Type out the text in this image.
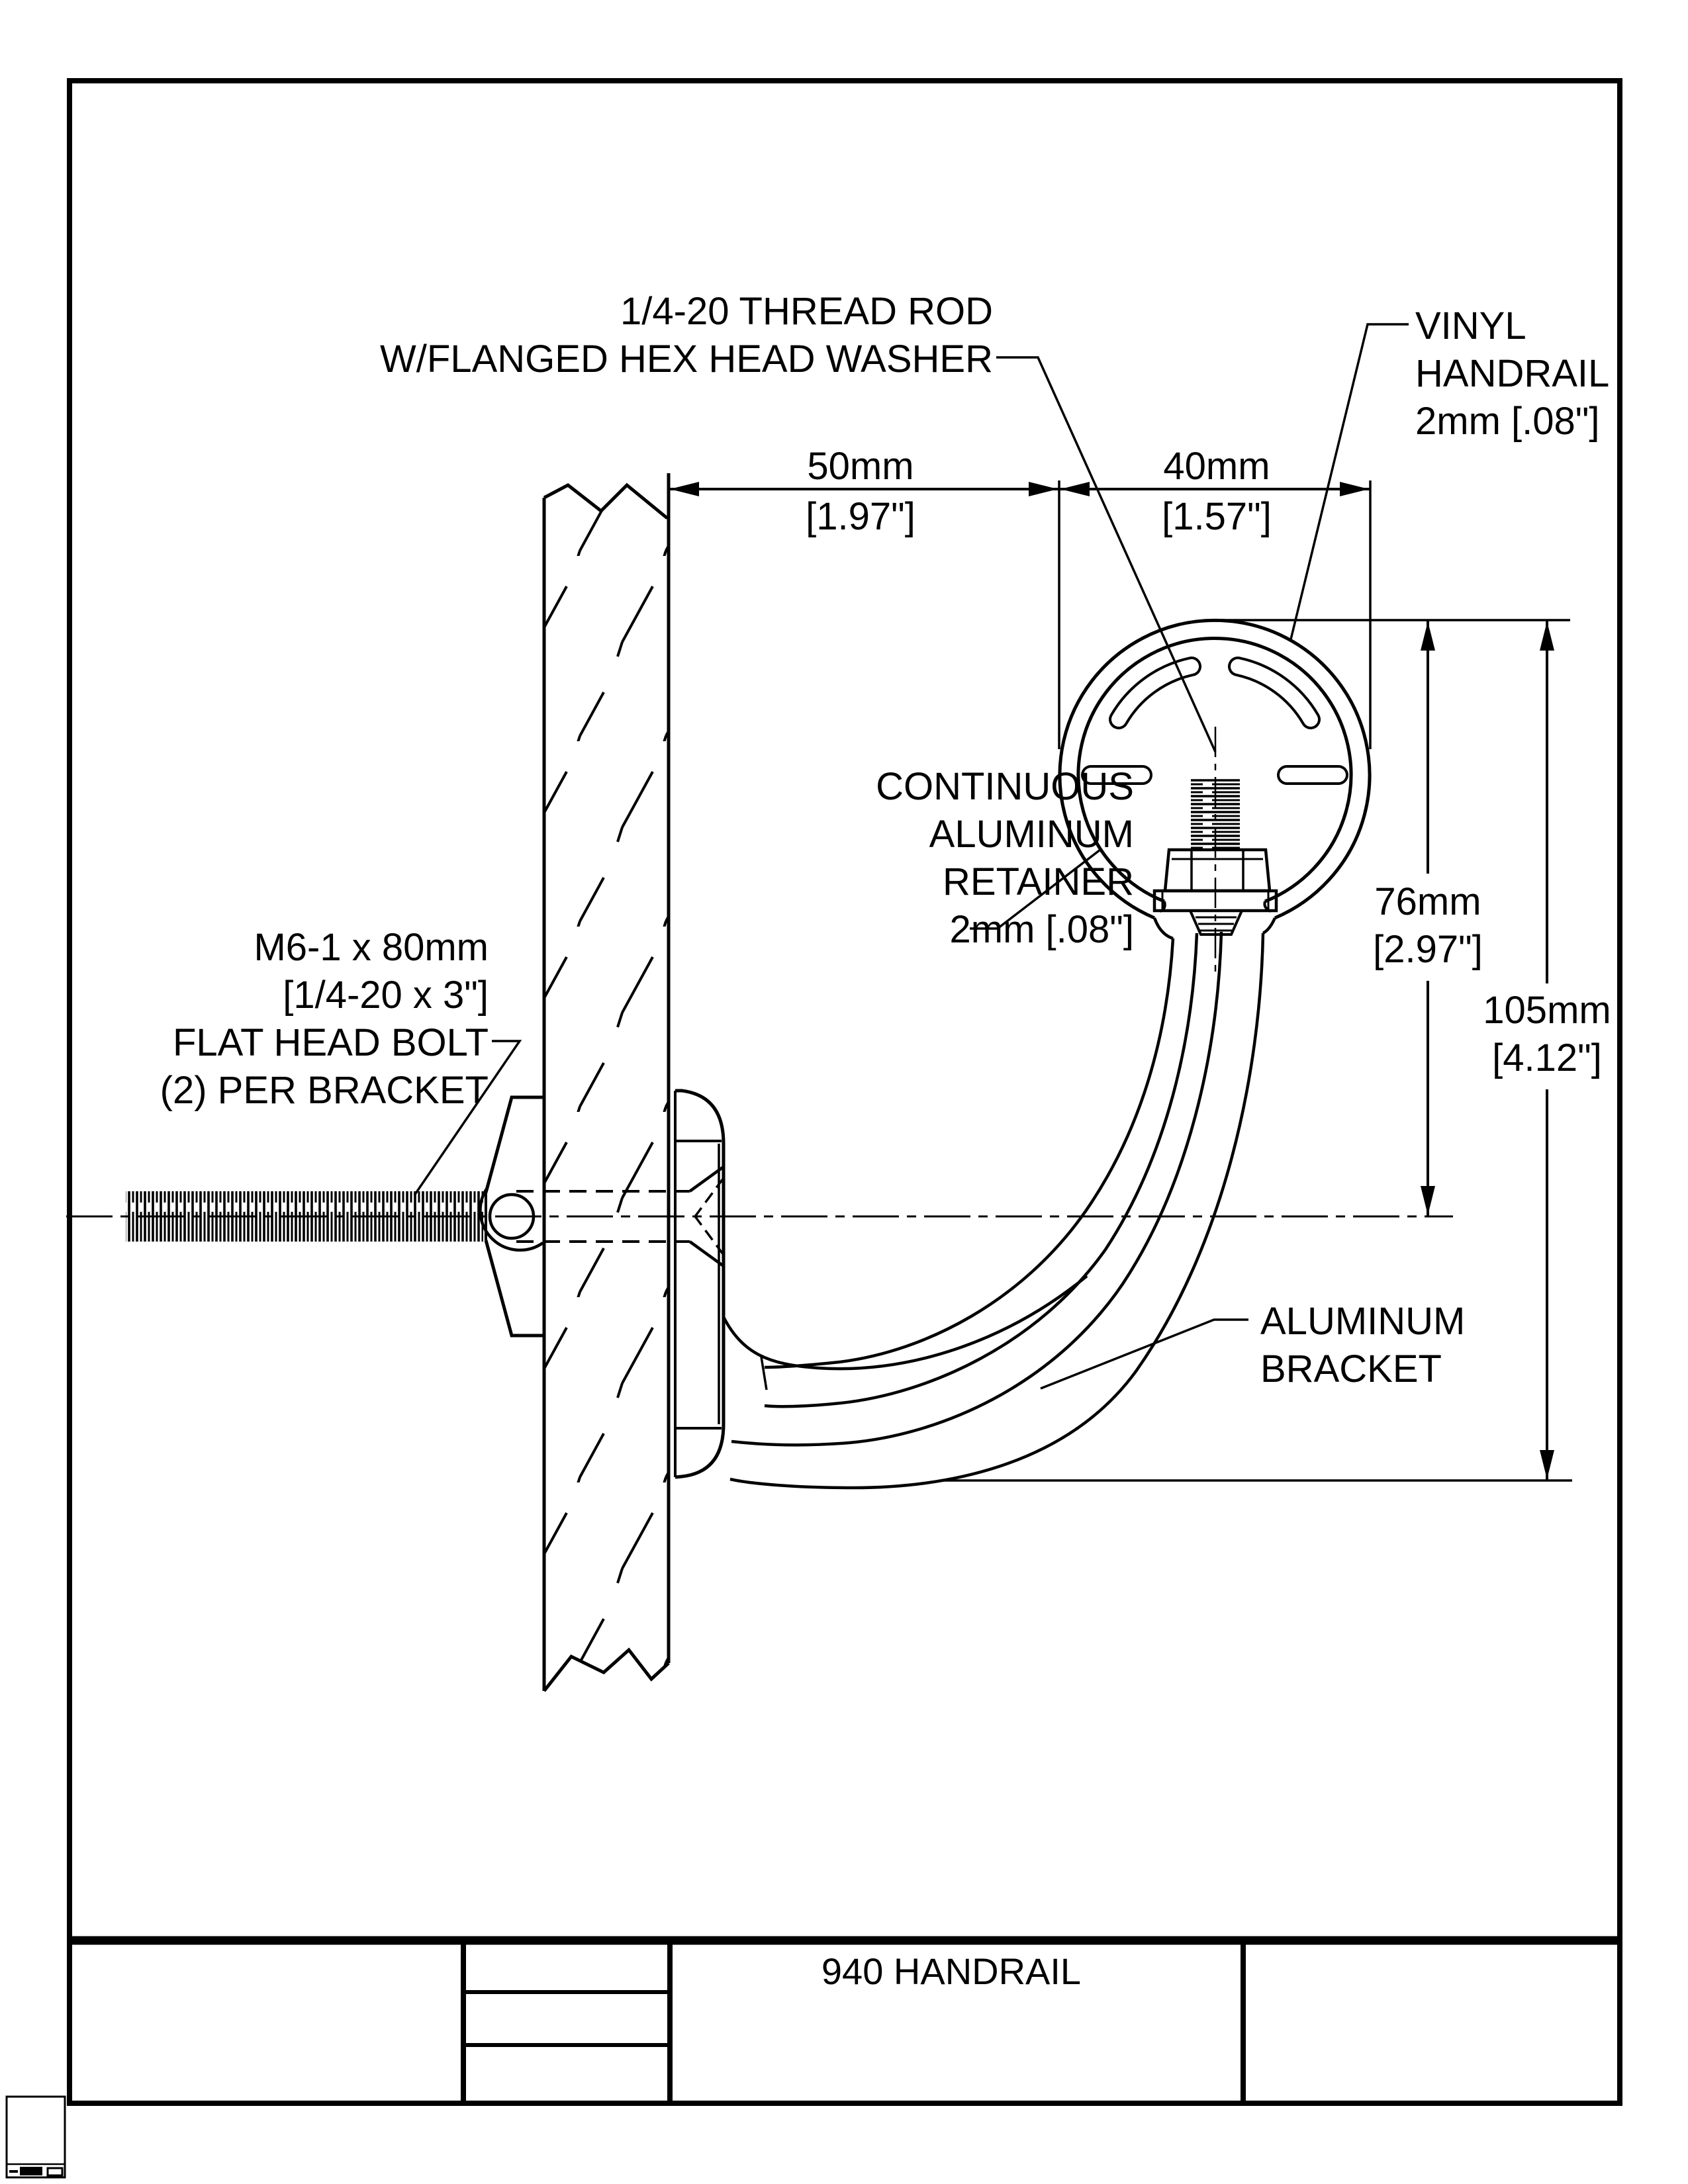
940 HANDRAIL
50mm
[1.97"]
40mm
[1.57"]
76mm
[2.97"]
105mm
[4.12"]
1/4-20 THREAD ROD
W/FLANGED HEX HEAD WASHER
VINYL
HANDRAIL
2mm [.08"]
CONTINUOUS
ALUMINUM
RETAINER
2mm [.08"]
M6-1 x 80mm
[1/4-20 x 3"]
FLAT HEAD BOLT
(2) PER BRACKET
ALUMINUM
BRACKET
